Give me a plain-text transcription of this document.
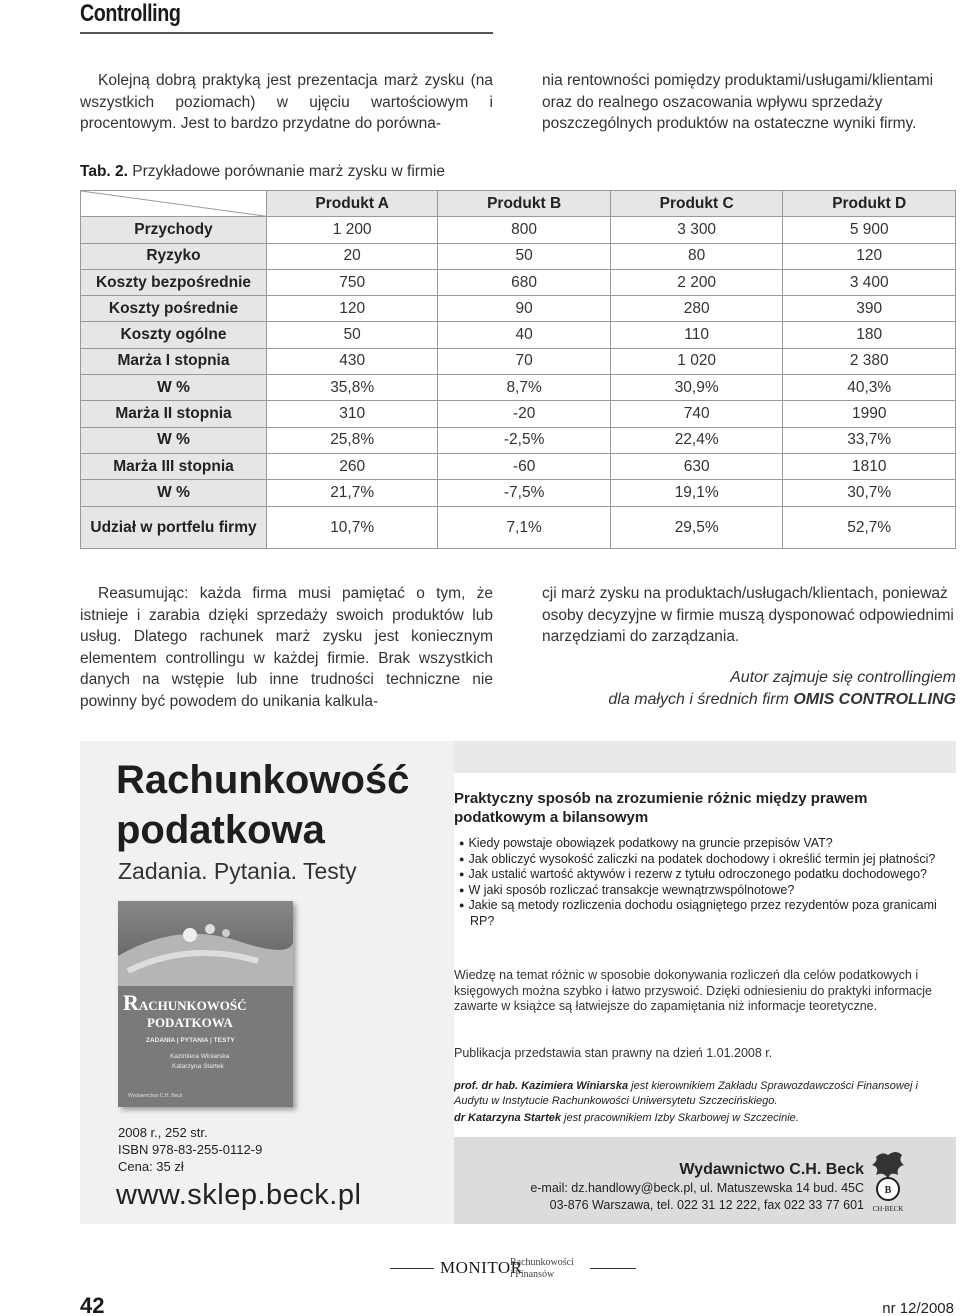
Controlling

Kolejną dobrą praktyką jest prezentacja marż zysku (na wszystkich poziomach) w ujęciu wartościowym i procentowym. Jest to bardzo przydatne do porówna-

nia rentowności pomiędzy produktami/usługami/klientami oraz do realnego oszacowania wpływu sprzedaży poszczególnych produktów na ostateczne wyniki firmy.

Tab. 2. Przykładowe porównanie marż zysku w firmie
	Produkt A	Produkt B	Produkt C	Produkt D
Przychody	1 200	800	3 300	5 900
Ryzyko	20	50	80	120
Koszty bezpośrednie	750	680	2 200	3 400
Koszty pośrednie	120	90	280	390
Koszty ogólne	50	40	110	180
Marża I stopnia	430	70	1 020	2 380
W %	35,8%	8,7%	30,9%	40,3%
Marża II stopnia	310	-20	740	1990
W %	25,8%	-2,5%	22,4%	33,7%
Marża III stopnia	260	-60	630	1810
W %	21,7%	-7,5%	19,1%	30,7%
Udział w portfelu firmy	10,7%	7,1%	29,5%	52,7%

Reasumując: każda firma musi pamiętać o tym, że istnieje i zarabia dzięki sprzedaży swoich produktów lub usług. Dlatego rachunek marż zysku jest koniecznym elementem controllingu w każdej firmie. Brak wszystkich danych na wstępie lub inne trudności techniczne nie powinny być powodem do unikania kalkula-

cji marż zysku na produktach/usługach/klientach, ponieważ osoby decyzyjne w firmie muszą dysponować odpowiednimi narzędziami do zarządzania.

Autor zajmuje się controllingiem
dla małych i średnich firm OMIS CONTROLLING
Rachunkowość
podatkowa
Zadania. Pytania. Testy
RACHUNKOWOŚĆ
PODATKOWA
ZADANIA | PYTANIA | TESTY
Kazimiera Winiarska
Katarzyna Startek
Wydawnictwo C.H. Beck
2008 r., 252 str.
ISBN 978-83-255-0112-9
Cena: 35 zł
www.sklep.beck.pl
Praktyczny sposób na zrozumienie różnic między prawem podatkowym a bilansowym
● Kiedy powstaje obowiązek podatkowy na gruncie przepisów VAT?
● Jak obliczyć wysokość zaliczki na podatek dochodowy i określić termin jej płatności?
● Jak ustalić wartość aktywów i rezerw z tytułu odroczonego podatku dochodowego?
● W jaki sposób rozliczać transakcje wewnątrzwspólnotowe?
● Jakie są metody rozliczenia dochodu osiągniętego przez rezydentów poza granicami RP?

Wiedzę na temat różnic w sposobie dokonywania rozliczeń dla celów podatkowych i księgowych można szybko i łatwo przyswoić. Dzięki odniesieniu do praktyki informacje zawarte w książce są łatwiejsze do zapamiętania niż informacje teoretyczne.

Publikacja przedstawia stan prawny na dzień 1.01.2008 r.

prof. dr hab. Kazimiera Winiarska jest kierownikiem Zakładu Sprawozdawczości Finansowej i Audytu w Instytucie Rachunkowości Uniwersytetu Szczecińskiego.

dr Katarzyna Startek jest pracownikiem Izby Skarbowej w Szczecinie.

Wydawnictwo C.H. Beck
e-mail: dz.handlowy@beck.pl, ul. Matuszewska 14 bud. 45C
03-876 Warszawa, tel. 022 31 12 222, fax 022 33 77 601
B
CH·BECK
MONITOR
Rachunkowości
i Finansów
42	nr 12/2008
